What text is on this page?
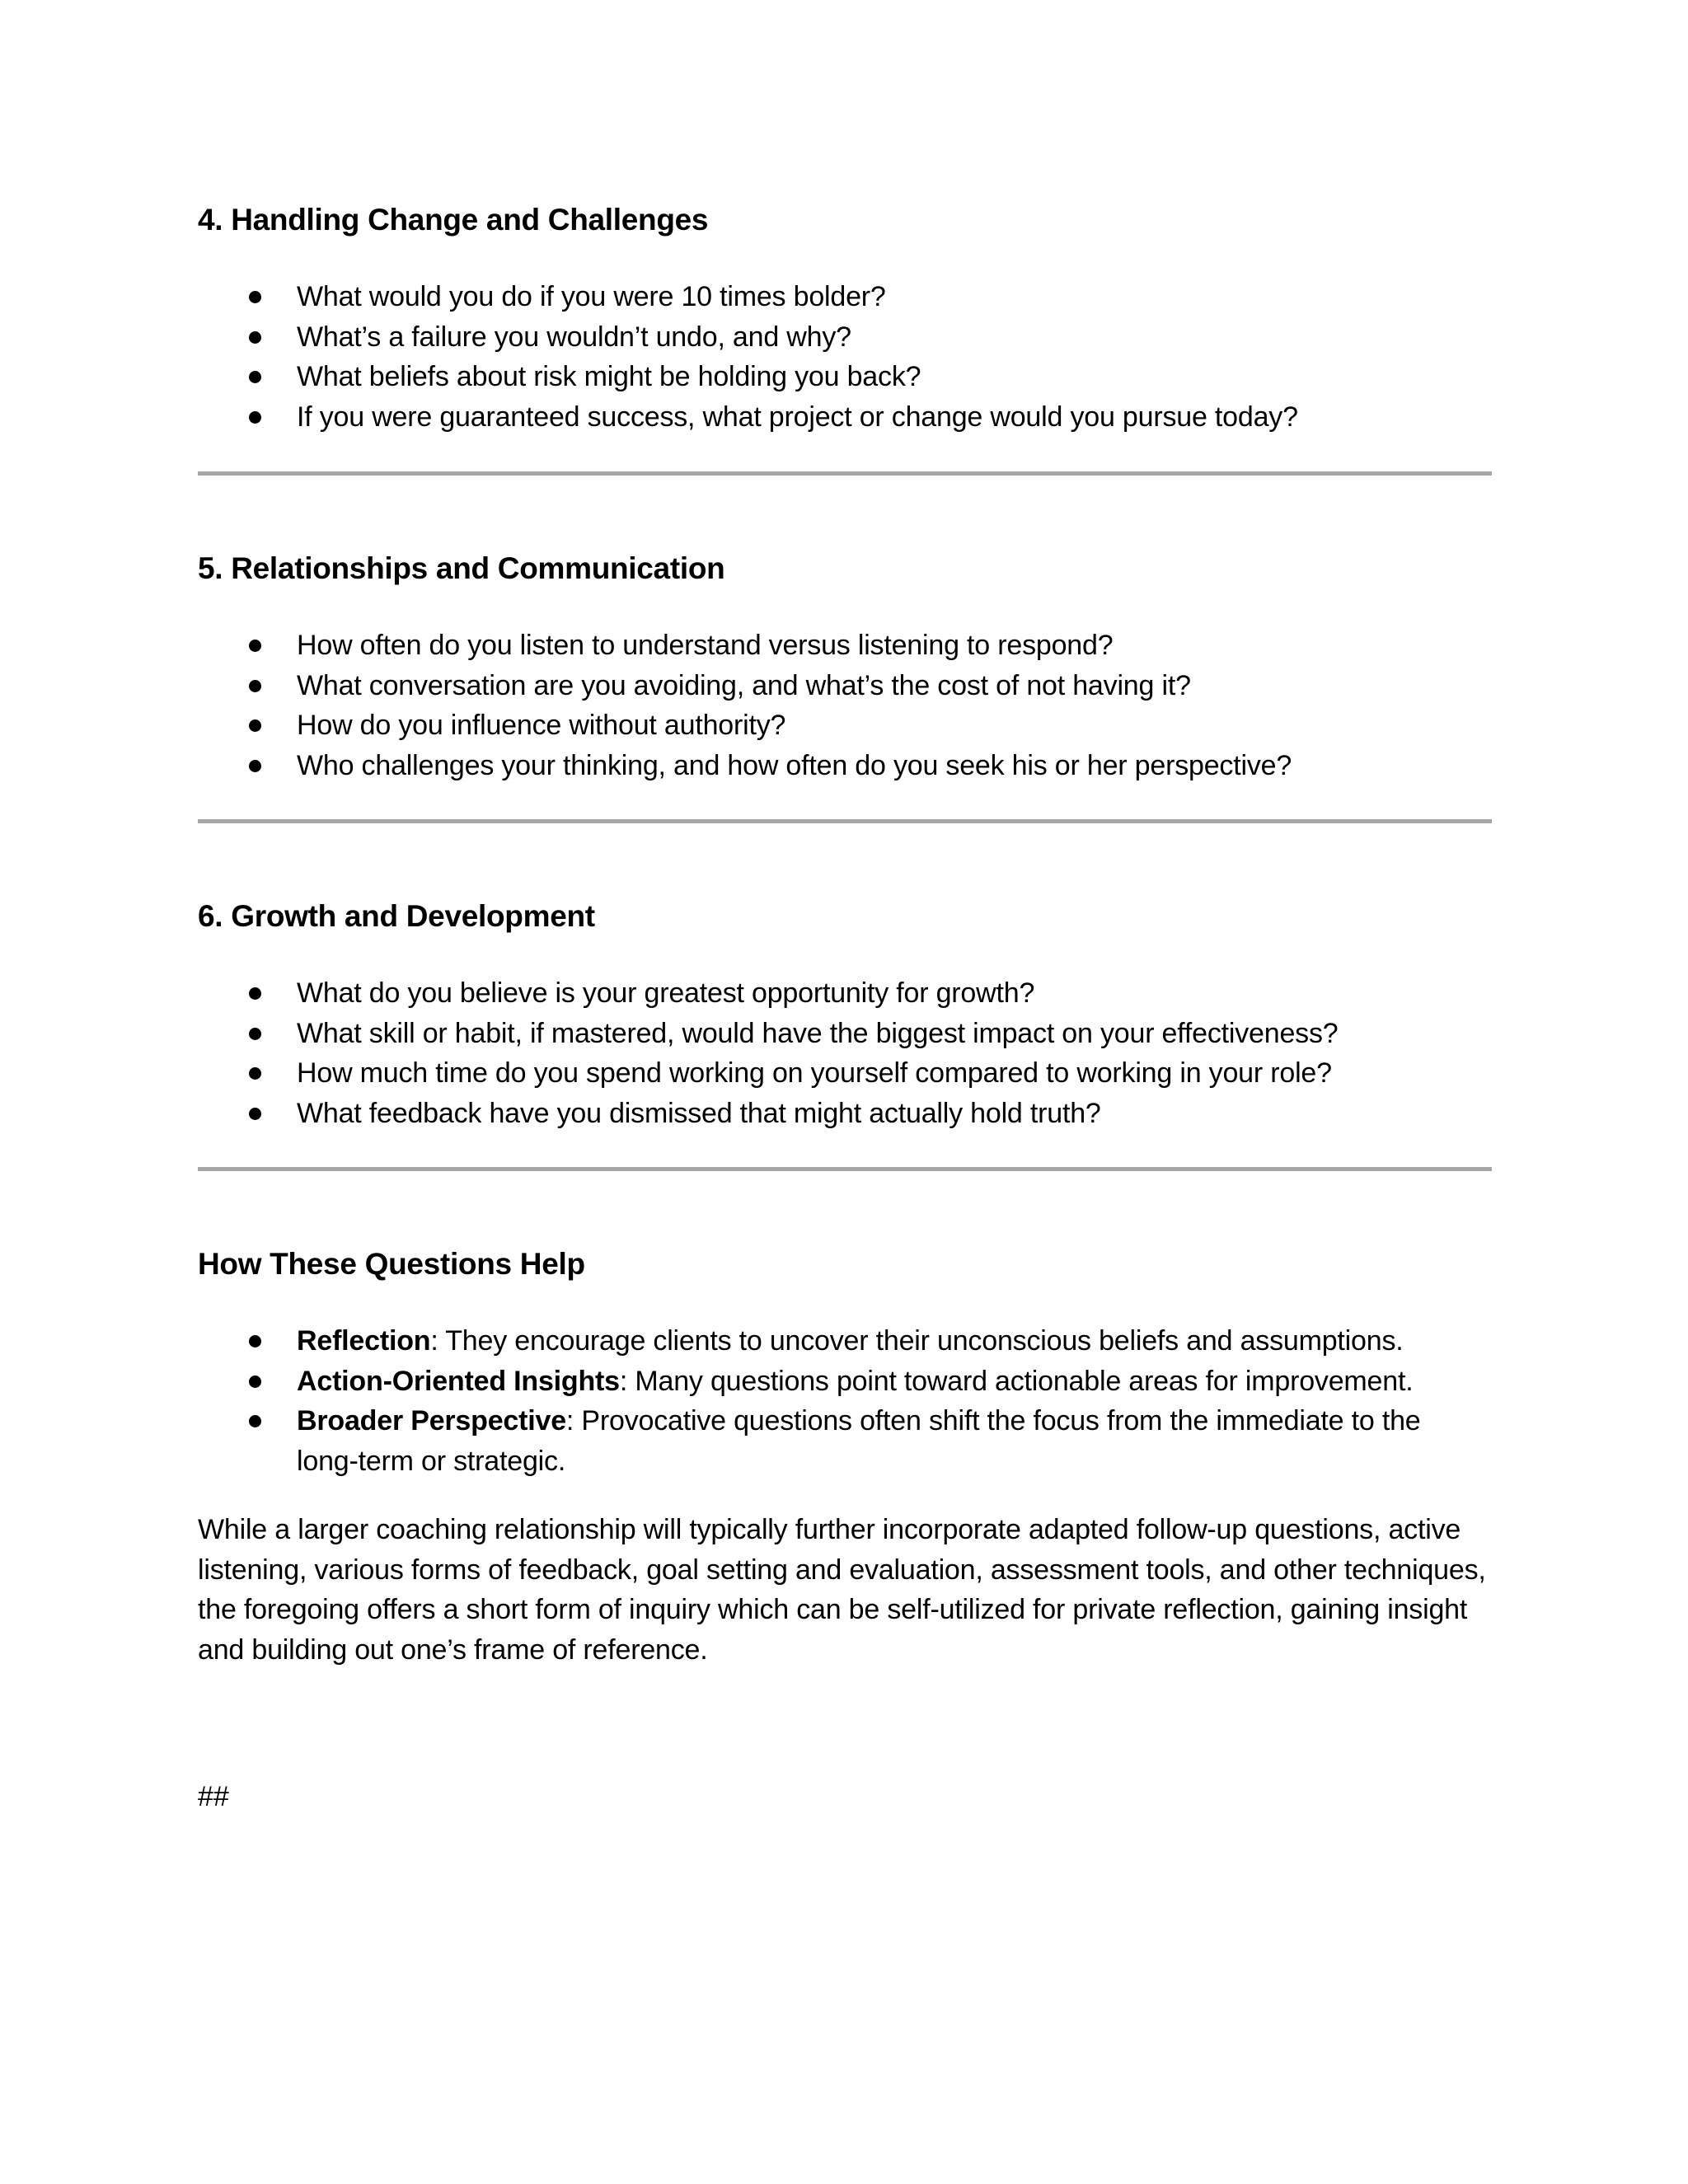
4. Handling Change and Challenges
What would you do if you were 10 times bolder?
What’s a failure you wouldn’t undo, and why?
What beliefs about risk might be holding you back?
If you were guaranteed success, what project or change would you pursue today?
5. Relationships and Communication
How often do you listen to understand versus listening to respond?
What conversation are you avoiding, and what’s the cost of not having it?
How do you influence without authority?
Who challenges your thinking, and how often do you seek his or her perspective?
6. Growth and Development
What do you believe is your greatest opportunity for growth?
What skill or habit, if mastered, would have the biggest impact on your effectiveness?
How much time do you spend working on yourself compared to working in your role?
What feedback have you dismissed that might actually hold truth?
How These Questions Help
Reflection: They encourage clients to uncover their unconscious beliefs and assumptions.
Action-Oriented Insights: Many questions point toward actionable areas for improvement.
Broader Perspective: Provocative questions often shift the focus from the immediate to the long-term or strategic.

While a larger coaching relationship will typically further incorporate adapted follow-up questions, active listening, various forms of feedback, goal setting and evaluation, assessment tools, and other techniques, the foregoing offers a short form of inquiry which can be self-utilized for private reflection, gaining insight and building out one’s frame of reference.

##
